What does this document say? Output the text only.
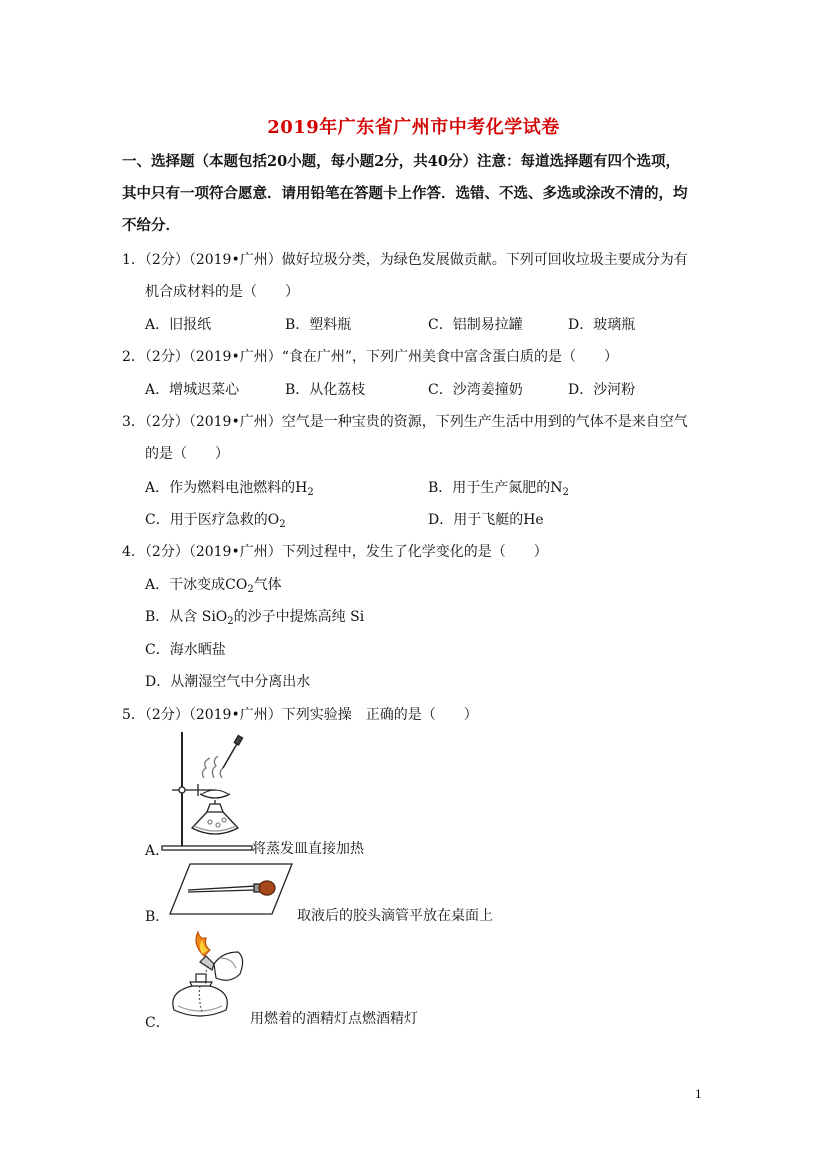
2019年广东省广州市中考化学试卷
一、选择题（本题包括20小题，每小题2分，共40分）注意：每道选择题有四个选项，
其中只有一项符合愿意．请用铅笔在答题卡上作答．选错、不选、多选或涂改不清的，均
不给分．
1．（2分）（2019•广州）做好垃圾分类，为绿色发展做贡献。下列可回收垃圾主要成分为有
机合成材料的是（　　）
A．旧报纸	B．塑料瓶	C．铝制易拉罐	D．玻璃瓶
2．（2分）（2019•广州）“食在广州”，下列广州美食中富含蛋白质的是（　　）
A．增城迟菜心	B．从化荔枝	C．沙湾姜撞奶	D．沙河粉
3．（2分）（2019•广州）空气是一种宝贵的资源，下列生产生活中用到的气体不是来自空气
的是（　　）
A．作为燃料电池燃料的$H_2$	B．用于生产氮肥的$N_2$
C．用于医疗急救的$O_2$	D．用于飞艇的He
4．（2分）（2019•广州）下列过程中，发生了化学变化的是（　　）
A．干冰变成$CO_2$气体
B．从含 SiO$_2$的沙子中提炼高纯 Si
C．海水晒盐
D．从潮湿空气中分离出水
5．（2分）（2019•广州）下列实验操　正确的是（　　）
A．	将蒸发皿直接加热
B．	取液后的胶头滴管平放在桌面上
C．	用燃着的酒精灯点燃酒精灯
1
